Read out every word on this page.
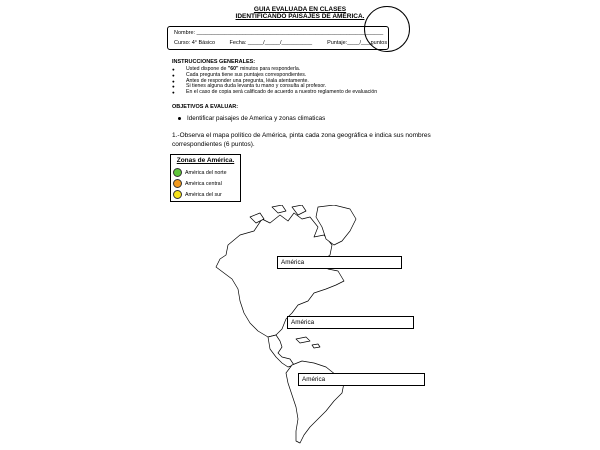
GUIA EVALUADA EN CLASES
IDENTIFICANDO PAISAJES DE AMÉRICA.
Nombre: _____________________________________________________________
Curso: 4° Básico	Fecha: _____/_____/__________	Puntaje:____/____ puntos
INSTRUCCIONES GENERALES:
● Usted dispone de "60" minutos para responderla.
● Cada pregunta tiene sus puntajes correspondientes.
● Antes de responder una pregunta, léala atentamente.
● Si tienes alguna duda levanta tu mano y consulta al profesor.
● En el caso de copia será calificado de acuerdo a nuestro reglamento de evaluación
OBJETIVOS A EVALUAR:
Identificar paisajes de America y zonas climaticas
1.-Observa el mapa político de América, pinta cada zona geográfica e indica sus nombres correspondientes (6 puntos).
Zonas de América.
América del norte
América central
América del sur
América
América
América
